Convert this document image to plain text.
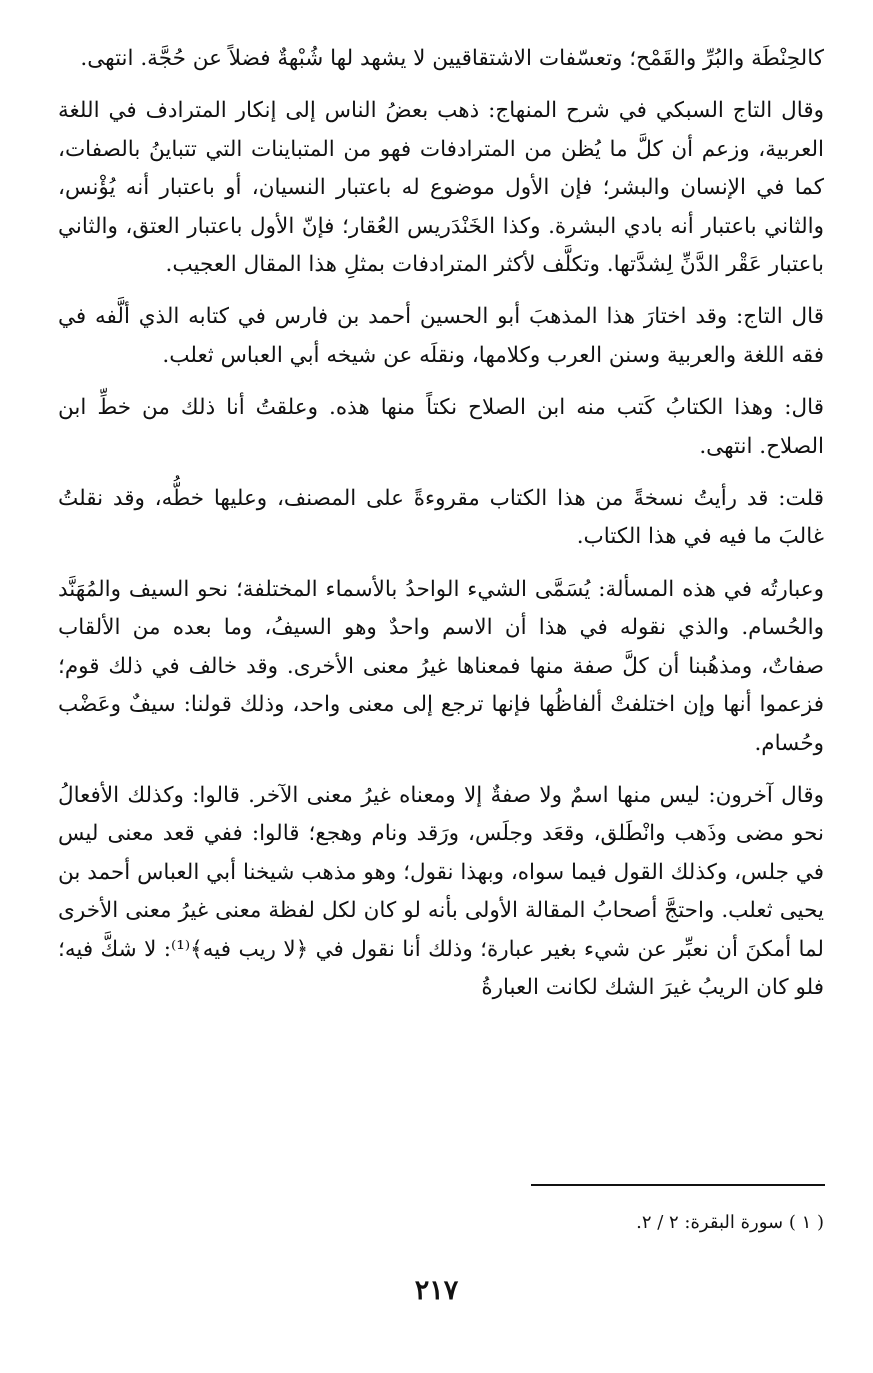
كالحِنْطَة والبُرِّ والقَمْح؛ وتعسّفات الاشتقاقيين لا يشهد لها شُبْهةٌ فضلاً عن حُجَّة. انتهى.

وقال التاج السبكي في شرح المنهاج: ذهب بعضُ الناس إلى إنكار المترادف في اللغة العربية، وزعم أن كلَّ ما يُظن من المترادفات فهو من المتباينات التي تتباينُ بالصفات، كما في الإنسان والبشر؛ فإن الأول موضوع له باعتبار النسيان، أو باعتبار أنه يُؤْنس، والثاني باعتبار أنه بادي البشرة. وكذا الخَنْدَريس العُقار؛ فإنّ الأول باعتبار العتق، والثاني باعتبار عَقْر الدَّنِّ لِشدَّتها. وتكلَّف لأكثر المترادفات بمثلِ هذا المقال العجيب.

قال التاج: وقد اختارَ هذا المذهبَ أبو الحسين أحمد بن فارس في كتابه الذي ألَّفه في فقه اللغة والعربية وسنن العرب وكلامها، ونقلَه عن شيخه أبي العباس ثعلب.

قال: وهذا الكتابُ كَتب منه ابن الصلاح نكتاً منها هذه. وعلقتُ أنا ذلك من خطِّ ابن الصلاح. انتهى.

قلت: قد رأيتُ نسخةً من هذا الكتاب مقروءةً على المصنف، وعليها خطُّه، وقد نقلتُ غالبَ ما فيه في هذا الكتاب.

وعبارتُه في هذه المسألة: يُسَمَّى الشيء الواحدُ بالأسماء المختلفة؛ نحو السيف والمُهَنَّد والحُسام. والذي نقوله في هذا أن الاسم واحدٌ وهو السيفُ، وما بعده من الألقاب صفاتٌ، ومذهُبنا أن كلَّ صفة منها فمعناها غيرُ معنى الأخرى. وقد خالف في ذلك قوم؛ فزعموا أنها وإن اختلفتْ ألفاظُها فإنها ترجع إلى معنى واحد، وذلك قولنا: سيفٌ وعَضْب وحُسام.

وقال آخرون: ليس منها اسمٌ ولا صفةٌ إلا ومعناه غيرُ معنى الآخر. قالوا: وكذلك الأفعالُ نحو مضى وذَهب وانْطَلق، وقعَد وجلَس، ورَقد ونام وهجع؛ قالوا: ففي قعد معنى ليس في جلس، وكذلك القول فيما سواه، وبهذا نقول؛ وهو مذهب شيخنا أبي العباس أحمد بن يحيى ثعلب. واحتجَّ أصحابُ المقالة الأولى بأنه لو كان لكل لفظة معنى غيرُ معنى الأخرى لما أمكنَ أن نعبِّر عن شيء بغير عبارة؛ وذلك أنا نقول في ﴿لا ريب فيه﴾⁽¹⁾: لا شكَّ فيه؛ فلو كان الريبُ غيرَ الشك لكانت العبارةُ

( ١ ) سورة البقرة: ٢ / ٢.
٢١٧
